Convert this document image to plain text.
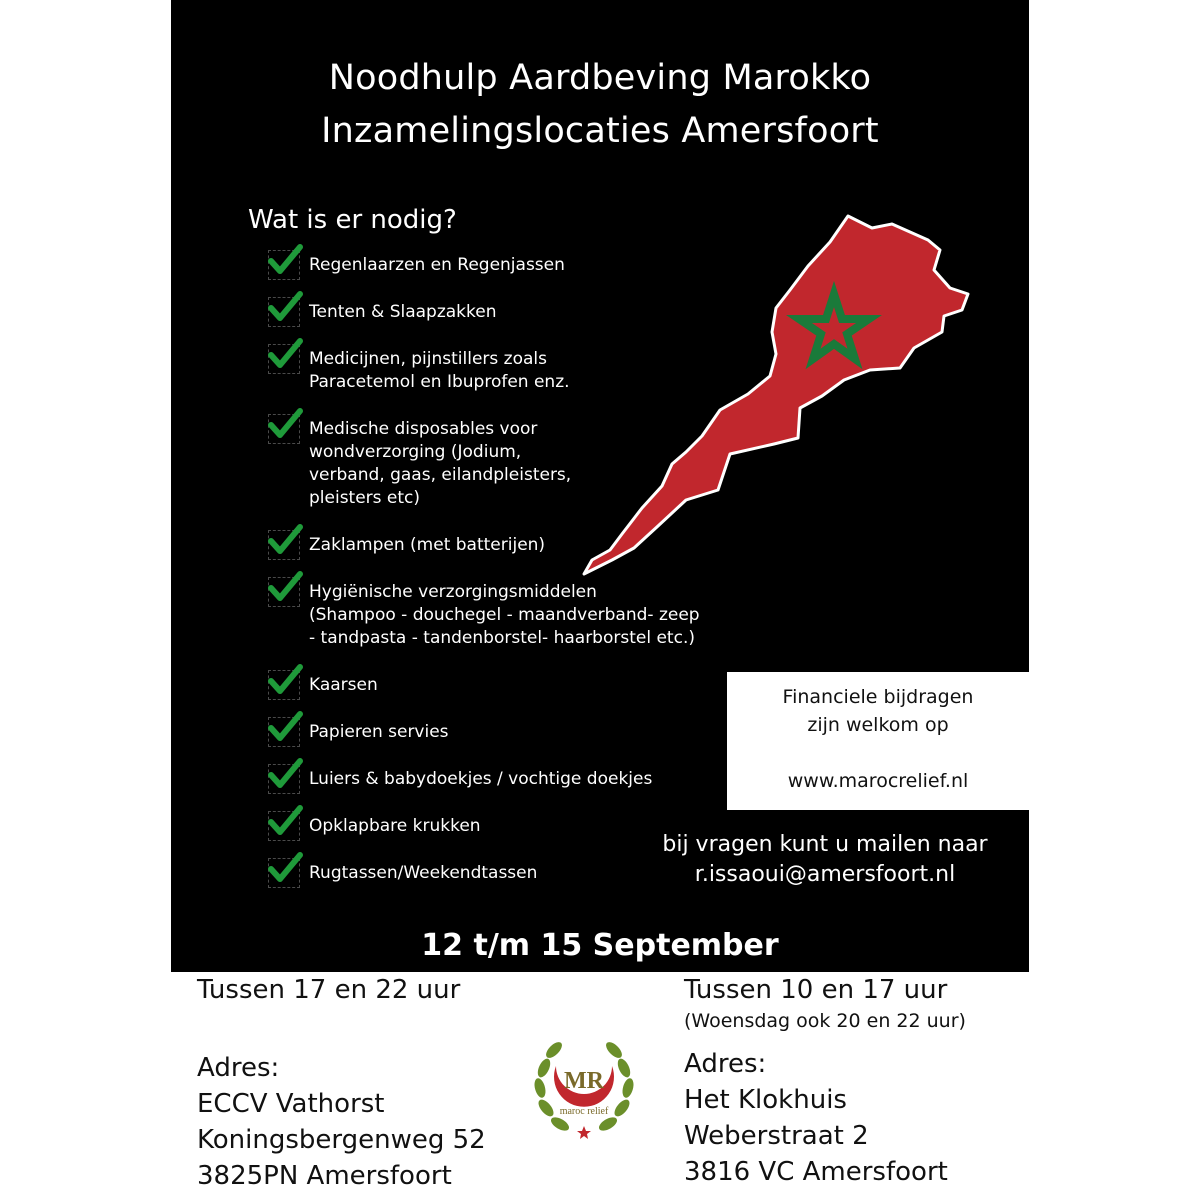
Noodhulp Aardbeving Marokko
Inzamelingslocaties Amersfoort
Wat is er nodig?
Regenlaarzen en Regenjassen
Tenten & Slaapzakken
Medicijnen, pijnstillers zoals
Paracetemol en Ibuprofen enz.
Medische disposables voor
wondverzorging (Jodium,
verband, gaas, eilandpleisters,
pleisters etc)
Zaklampen (met batterijen)
Hygiënische verzorgingsmiddelen
(Shampoo - douchegel - maandverband- zeep
- tandpasta - tandenborstel- haarborstel etc.)
Kaarsen
Papieren servies
Luiers & babydoekjes / vochtige doekjes
Opklapbare krukken
Rugtassen/Weekendtassen
Financiele bijdragen
zijn welkom op
www.marocrelief.nl
bij vragen kunt u mailen naar
r.issaoui@amersfoort.nl
12 t/m 15 September
Tussen 17 en 22 uur
Adres:
ECCV Vathorst
Koningsbergenweg 52
3825PN Amersfoort
Tussen 10 en 17 uur
(Woensdag ook 20 en 22 uur)
Adres:
Het Klokhuis
Weberstraat 2
3816 VC Amersfoort
MR
maroc relief
